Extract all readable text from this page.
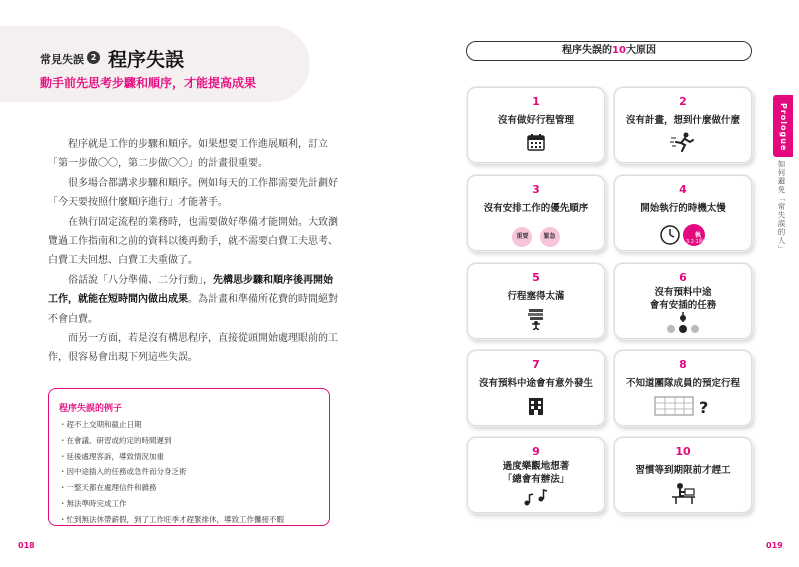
常見失誤 2 程序失誤
動手前先思考步驟和順序，才能提高成果

程序就是工作的步驟和順序。如果想要工作進展順利，訂立「第一步做〇〇，第二步做〇〇」的計畫很重要。

很多場合都講求步驟和順序。例如每天的工作都需要先計劃好「今天要按照什麼順序進行」才能著手。

在執行固定流程的業務時，也需要做好準備才能開始。大致瀏覽過工作指南和之前的資料以後再動手，就不需要白費工夫思考、白費工夫回想、白費工夫重做了。

俗話說「八分準備、二分行動」，先構思步驟和順序後再開始工作，就能在短時間內做出成果。為計畫和準備所花費的時間絕對不會白費。

而另一方面，若是沒有構思程序，直接從頭開始處理眼前的工作，很容易會出現下列這些失誤。

程序失誤的例子
・ 趕不上交期和截止日期
・ 在會議、研習或約定的時間遲到
・ 延後處理客訴，導致情況加重
・ 因中途插入的任務或急件而分身乏術
・ 一整天都在處理信件和雜務
・ 無法準時完成工作
・ 忙到無法休帶薪假，到了工作旺季才趕緊排休，導致工作攤接不暇
018
程序失誤的10大原因
1
沒有做好行程管理
2
沒有計畫，想到什麼做什麼
3
沒有安排工作的優先順序
重要	緊急
4
開始執行的時機太慢
執
3·2·1開
5
行程塞得太滿
6
沒有預料中途
會有安插的任務
7
沒有預料中途會有意外發生
8
不知道團隊成員的預定行程
?
9
過度樂觀地想著
「總會有辦法」
10
習慣等到期限前才趕工
Prologue
如何避免「常失誤的人」
019
